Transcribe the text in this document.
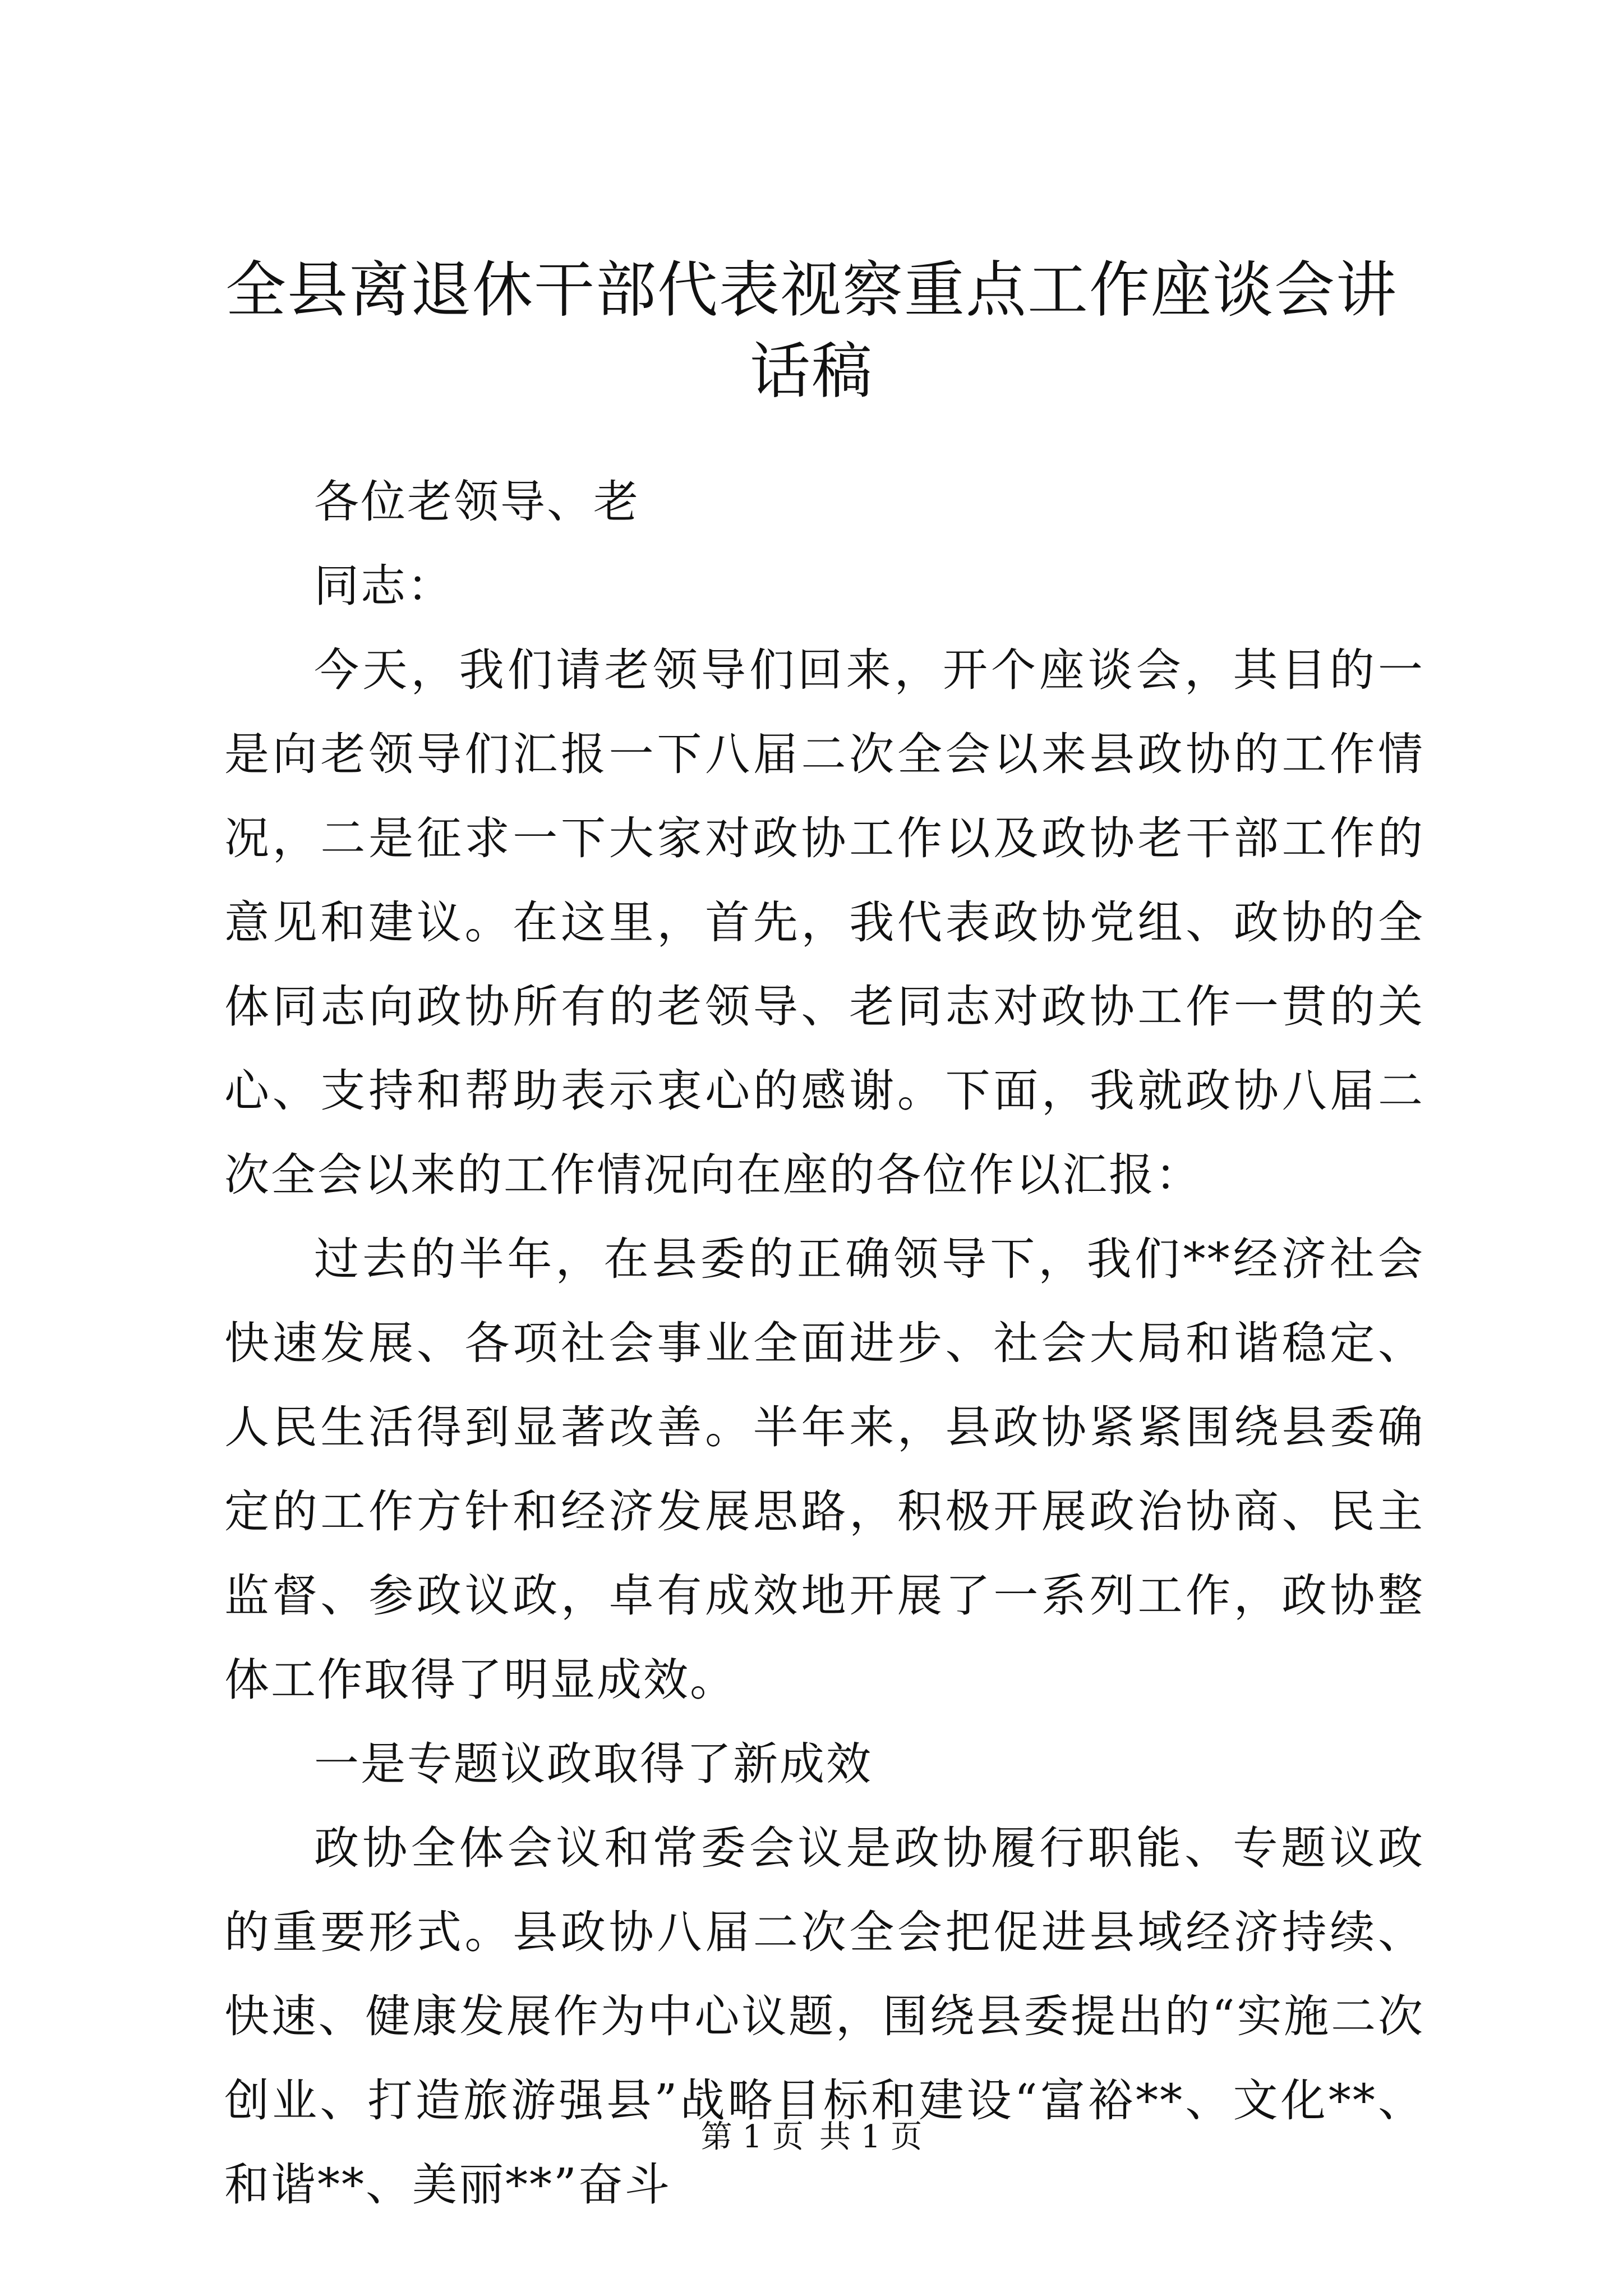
全县离退休干部代表视察重点工作座谈会讲话稿

各位老领导、老

同志：

今天，我们请老领导们回来，开个座谈会，其目的一是向老领导们汇报一下八届二次全会以来县政协的工作情况，二是征求一下大家对政协工作以及政协老干部工作的意见和建议。在这里，首先，我代表政协党组、政协的全体同志向政协所有的老领导、老同志对政协工作一贯的关心、支持和帮助表示衷心的感谢。下面，我就政协八届二次全会以来的工作情况向在座的各位作以汇报：

过去的半年，在县委的正确领导下，我们**经济社会快速发展、各项社会事业全面进步、社会大局和谐稳定、人民生活得到显著改善。半年来，县政协紧紧围绕县委确定的工作方针和经济发展思路，积极开展政治协商、民主监督、参政议政，卓有成效地开展了一系列工作，政协整体工作取得了明显成效。

一是专题议政取得了新成效

政协全体会议和常委会议是政协履行职能、专题议政的重要形式。县政协八届二次全会把促进县域经济持续、快速、健康发展作为中心议题，围绕县委提出的“实施二次创业、打造旅游强县”战略目标和建设“富裕**、文化**、和谐**、美丽**”奋斗

第 1 页 共 1 页
